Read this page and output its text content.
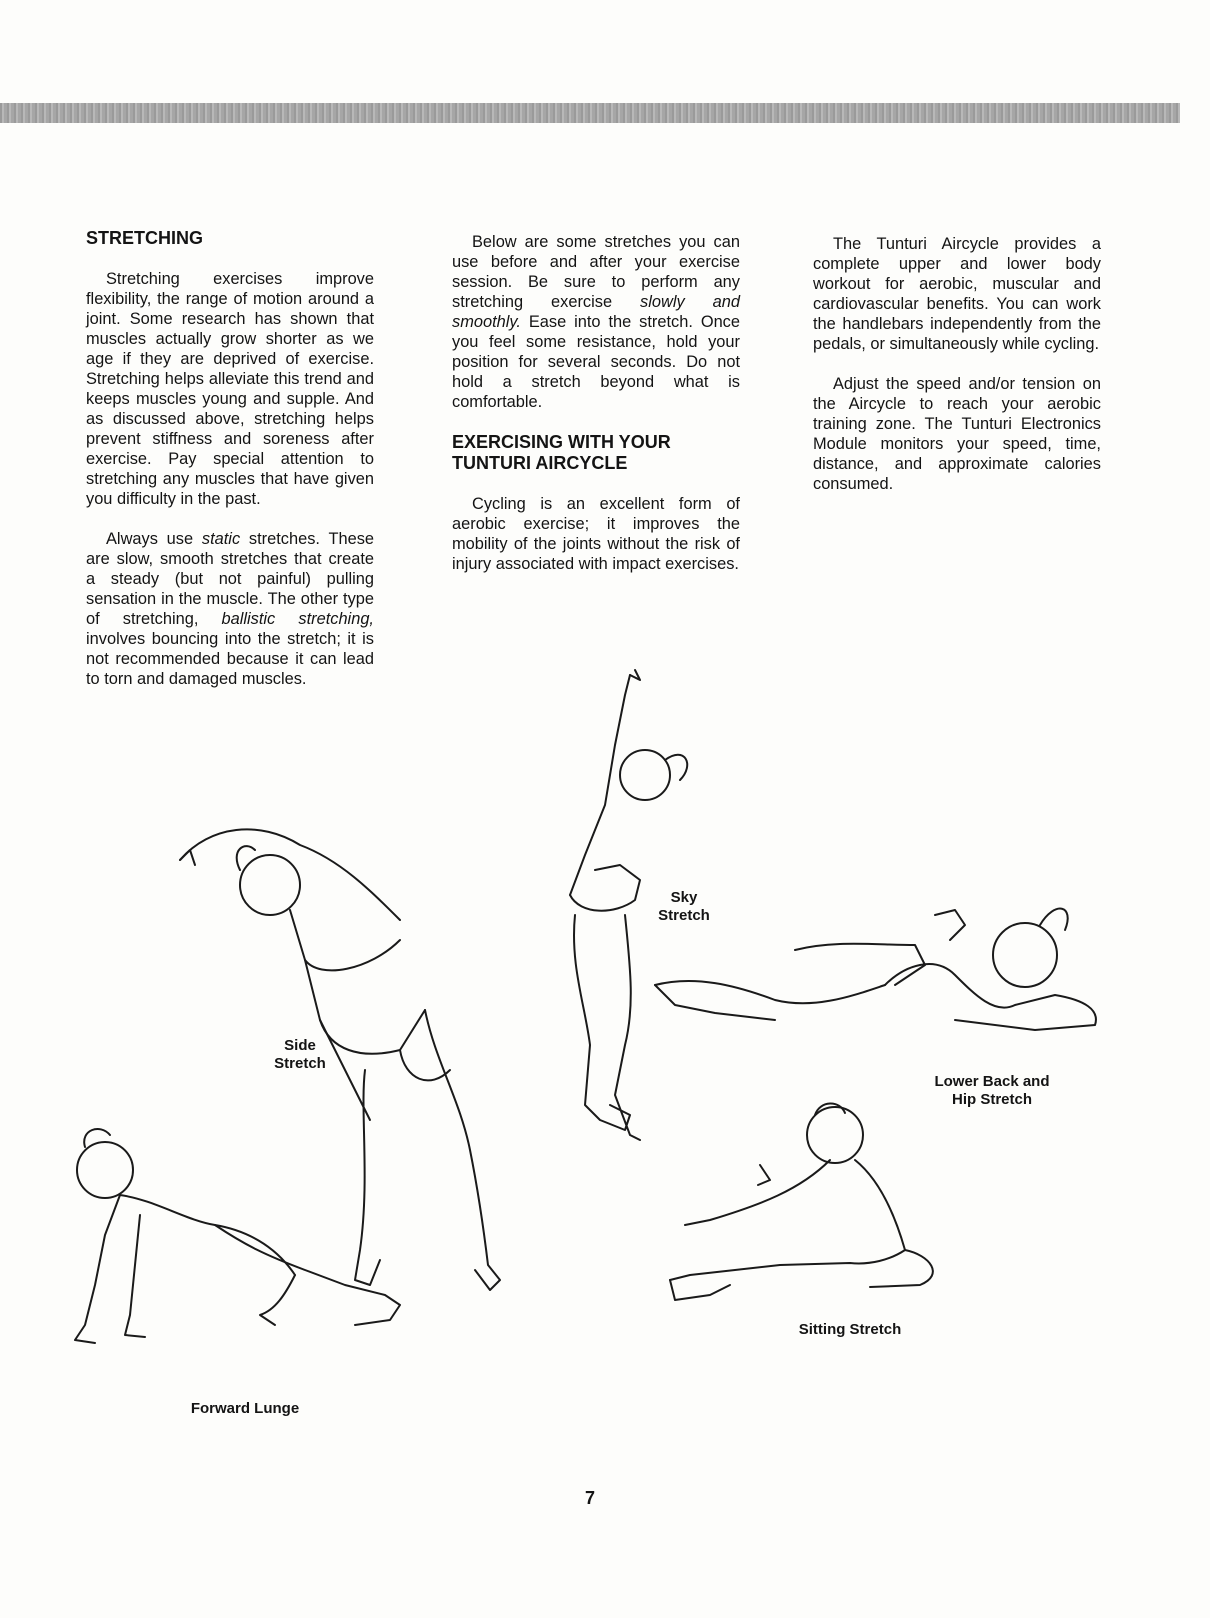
STRETCHING

Stretching exercises improve flexibility, the range of motion around a joint. Some research has shown that muscles actually grow shorter as we age if they are deprived of exercise. Stretching helps alleviate this trend and keeps muscles young and supple. And as discussed above, stretching helps prevent stiffness and soreness after exercise. Pay special attention to stretching any muscles that have given you difficulty in the past.

Always use static stretches. These are slow, smooth stretches that create a steady (but not painful) pulling sensation in the muscle. The other type of stretching, ballistic stretching, involves bouncing into the stretch; it is not recommended because it can lead to torn and damaged muscles.

Below are some stretches you can use before and after your exercise session. Be sure to perform any stretching exercise slowly and smoothly. Ease into the stretch. Once you feel some resistance, hold your position for several seconds. Do not hold a stretch beyond what is comfortable.

EXERCISING WITH YOUR TUNTURI AIRCYCLE

Cycling is an excellent form of aerobic exercise; it improves the mobility of the joints without the risk of injury associated with impact exercises.

The Tunturi Aircycle provides a complete upper and lower body workout for aerobic, muscular and cardiovascular benefits. You can work the handlebars independently from the pedals, or simultaneously while cycling.

Adjust the speed and/or tension on the Aircycle to reach your aerobic training zone. The Tunturi Electronics Module monitors your speed, time, distance, and approximate calories consumed.

Side
Stretch
Sky
Stretch
Lower Back and
Hip Stretch
Sitting Stretch
Forward Lunge
7
